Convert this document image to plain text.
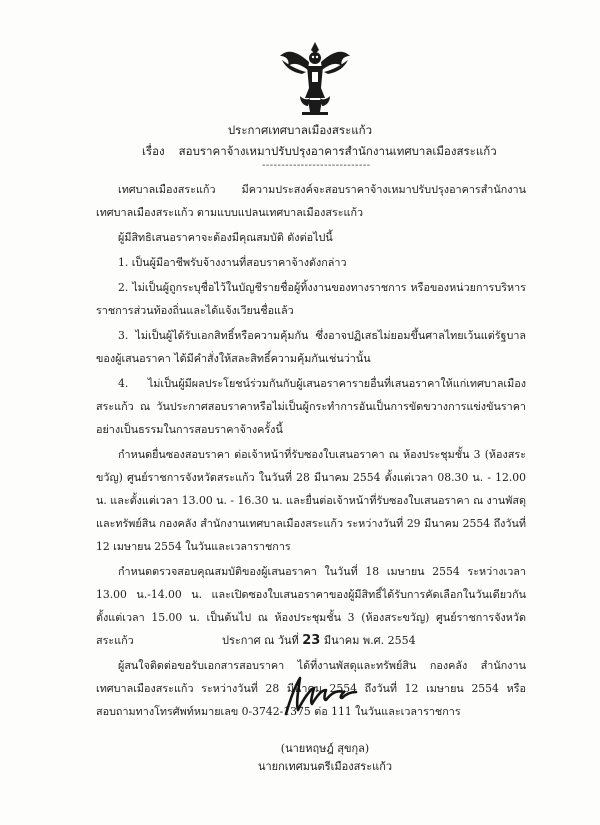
ประกาศเทศบาลเมืองสระแก้ว
เรื่อง สอบราคาจ้างเหมาปรับปรุงอาคารสำนักงานเทศบาลเมืองสระแก้ว
----------------------------

เทศบาลเมืองสระแก้ว มีความประสงค์จะสอบราคาจ้างเหมาปรับปรุงอาคารสำนักงานเทศบาลเมืองสระแก้ว ตามแบบแปลนเทศบาลเมืองสระแก้ว

ผู้มีสิทธิเสนอราคาจะต้องมีคุณสมบัติ ดังต่อไปนี้

1. เป็นผู้มีอาชีพรับจ้างงานที่สอบราคาจ้างดังกล่าว

2. ไม่เป็นผู้ถูกระบุชื่อไว้ในบัญชีรายชื่อผู้ทิ้งงานของทางราชการ หรือของหน่วยการบริหารราชการส่วนท้องถิ่นและได้แจ้งเวียนชื่อแล้ว

3. ไม่เป็นผู้ได้รับเอกสิทธิ์หรือความคุ้มกัน ซึ่งอาจปฏิเสธไม่ยอมขึ้นศาลไทยเว้นแต่รัฐบาลของผู้เสนอราคา ได้มีคำสั่งให้สละสิทธิ์ความคุ้มกันเช่นว่านั้น

4. ไม่เป็นผู้มีผลประโยชน์ร่วมกันกับผู้เสนอราคารายอื่นที่เสนอราคาให้แก่เทศบาลเมืองสระแก้ว ณ วันประกาศสอบราคาหรือไม่เป็นผู้กระทำการอันเป็นการขัดขวางการแข่งขันราคาอย่างเป็นธรรมในการสอบราคาจ้างครั้งนี้

กำหนดยื่นซองสอบราคา ต่อเจ้าหน้าที่รับซองใบเสนอราคา ณ ห้องประชุมชั้น 3 (ห้องสระขวัญ) ศูนย์ราชการจังหวัดสระแก้ว ในวันที่ 28 มีนาคม 2554 ตั้งแต่เวลา 08.30 น. - 12.00 น. และตั้งแต่เวลา 13.00 น. - 16.30 น. และยื่นต่อเจ้าหน้าที่รับซองใบเสนอราคา ณ งานพัสดุและทรัพย์สิน กองคลัง สำนักงานเทศบาลเมืองสระแก้ว ระหว่างวันที่ 29 มีนาคม 2554 ถึงวันที่ 12 เมษายน 2554 ในวันและเวลาราชการ

กำหนดตรวจสอบคุณสมบัติของผู้เสนอราคา ในวันที่ 18 เมษายน 2554 ระหว่างเวลา 13.00 น.-14.00 น. และเปิดซองใบเสนอราคาของผู้มีสิทธิ์ได้รับการคัดเลือกในวันเดียวกันตั้งแต่เวลา 15.00 น. เป็นต้นไป ณ ห้องประชุมชั้น 3 (ห้องสระขวัญ) ศูนย์ราชการจังหวัดสระแก้ว

ผู้สนใจติดต่อขอรับเอกสารสอบราคา ได้ที่งานพัสดุและทรัพย์สิน กองคลัง สำนักงานเทศบาลเมืองสระแก้ว ระหว่างวันที่ 28 มีนาคม 2554 ถึงวันที่ 12 เมษายน 2554 หรือสอบถามทางโทรศัพท์หมายเลข 0-3742-1375 ต่อ 111 ในวันและเวลาราชการ

ประกาศ ณ วันที่ 23 มีนาคม พ.ศ. 2554
(นายหฤษฎ์ สุขกุล)
นายกเทศมนตรีเมืองสระแก้ว
